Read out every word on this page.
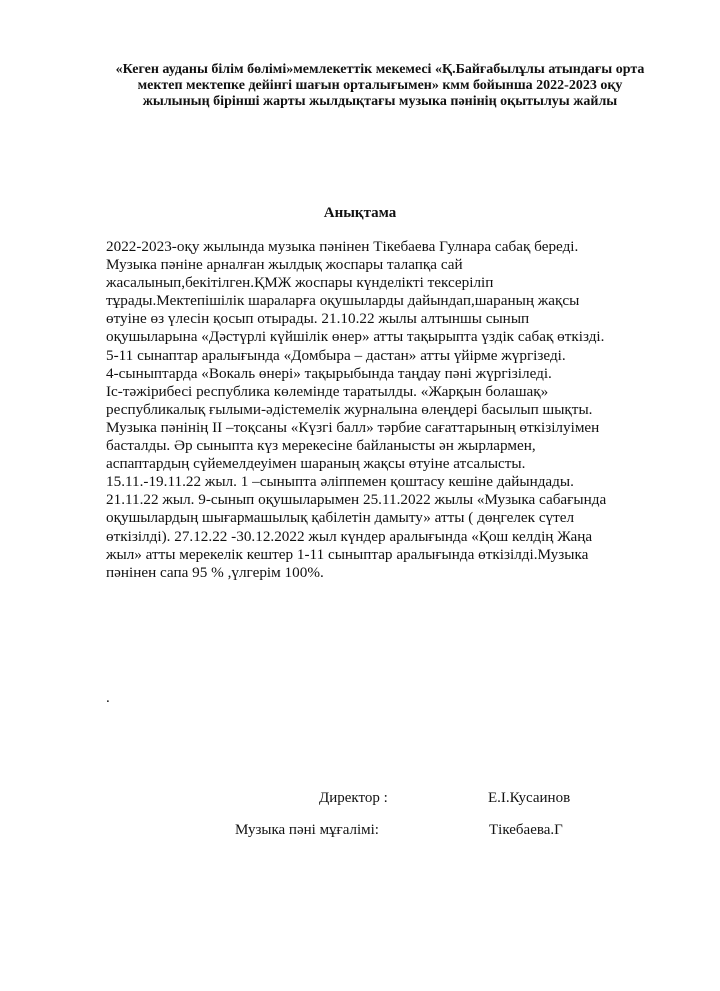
«Кеген ауданы білім бөлімі»мемлекеттік мекемесі «Қ.Байғабылұлы атындағы орта
мектеп мектепке дейінгі шағын орталығымен» кмм бойынша 2022-2023 оқу
жылының бірінші жарты жылдықтағы музыка пәнінің оқытылуы жайлы
Анықтама
2022-2023-оқу жылында музыка пәнінен Тікебаева Гулнара сабақ береді.
Музыка пәніне арналған жылдық жоспары талапқа сай
жасалынып,бекітілген.ҚМЖ жоспары күнделікті тексеріліп
тұрады.Мектепішілік шараларға оқушыларды дайындап,шараның жақсы
өтуіне өз үлесін қосып отырады. 21.10.22 жылы алтыншы сынып
оқушыларына «Дәстүрлі күйшілік өнер» атты тақырыпта үздік сабақ өткізді.
5-11 сынаптар аралығында «Домбыра – дастан» атты үйірме жүргізеді.
4-сыныптарда «Вокаль өнері» тақырыбында таңдау пәні жүргізіледі.
Іс-тәжірибесі республика көлемінде таратылды. «Жарқын болашақ»
республикалық ғылыми-әдістемелік журналына өлеңдері басылып шықты.
Музыка пәнінің ІІ –тоқсаны «Күзгі балл» тәрбие сағаттарының өткізілуімен
басталды. Әр сыныпта күз мерекесіне байланысты ән жырлармен,
аспаптардың сүйемелдеуімен шараның жақсы өтуіне атсалысты.
15.11.-19.11.22 жыл. 1 –сыныпта әліппемен қоштасу кешіне дайындады.
21.11.22 жыл. 9-сынып оқушыларымен 25.11.2022 жылы «Музыка сабағында
оқушылардың шығармашылық қабілетін дамыту» атты ( дөңгелек сүтел
өткізілді). 27.12.22 -30.12.2022 жыл күндер аралығында «Қош келдің Жаңа
жыл» атты мерекелік кештер 1-11 сыныптар аралығында өткізілді.Музыка
пәнінен сапа 95 % ,үлгерім 100%.
.
Директор :	Е.І.Кусаинов
Музыка пәні мұғалімі:	Тікебаева.Г
